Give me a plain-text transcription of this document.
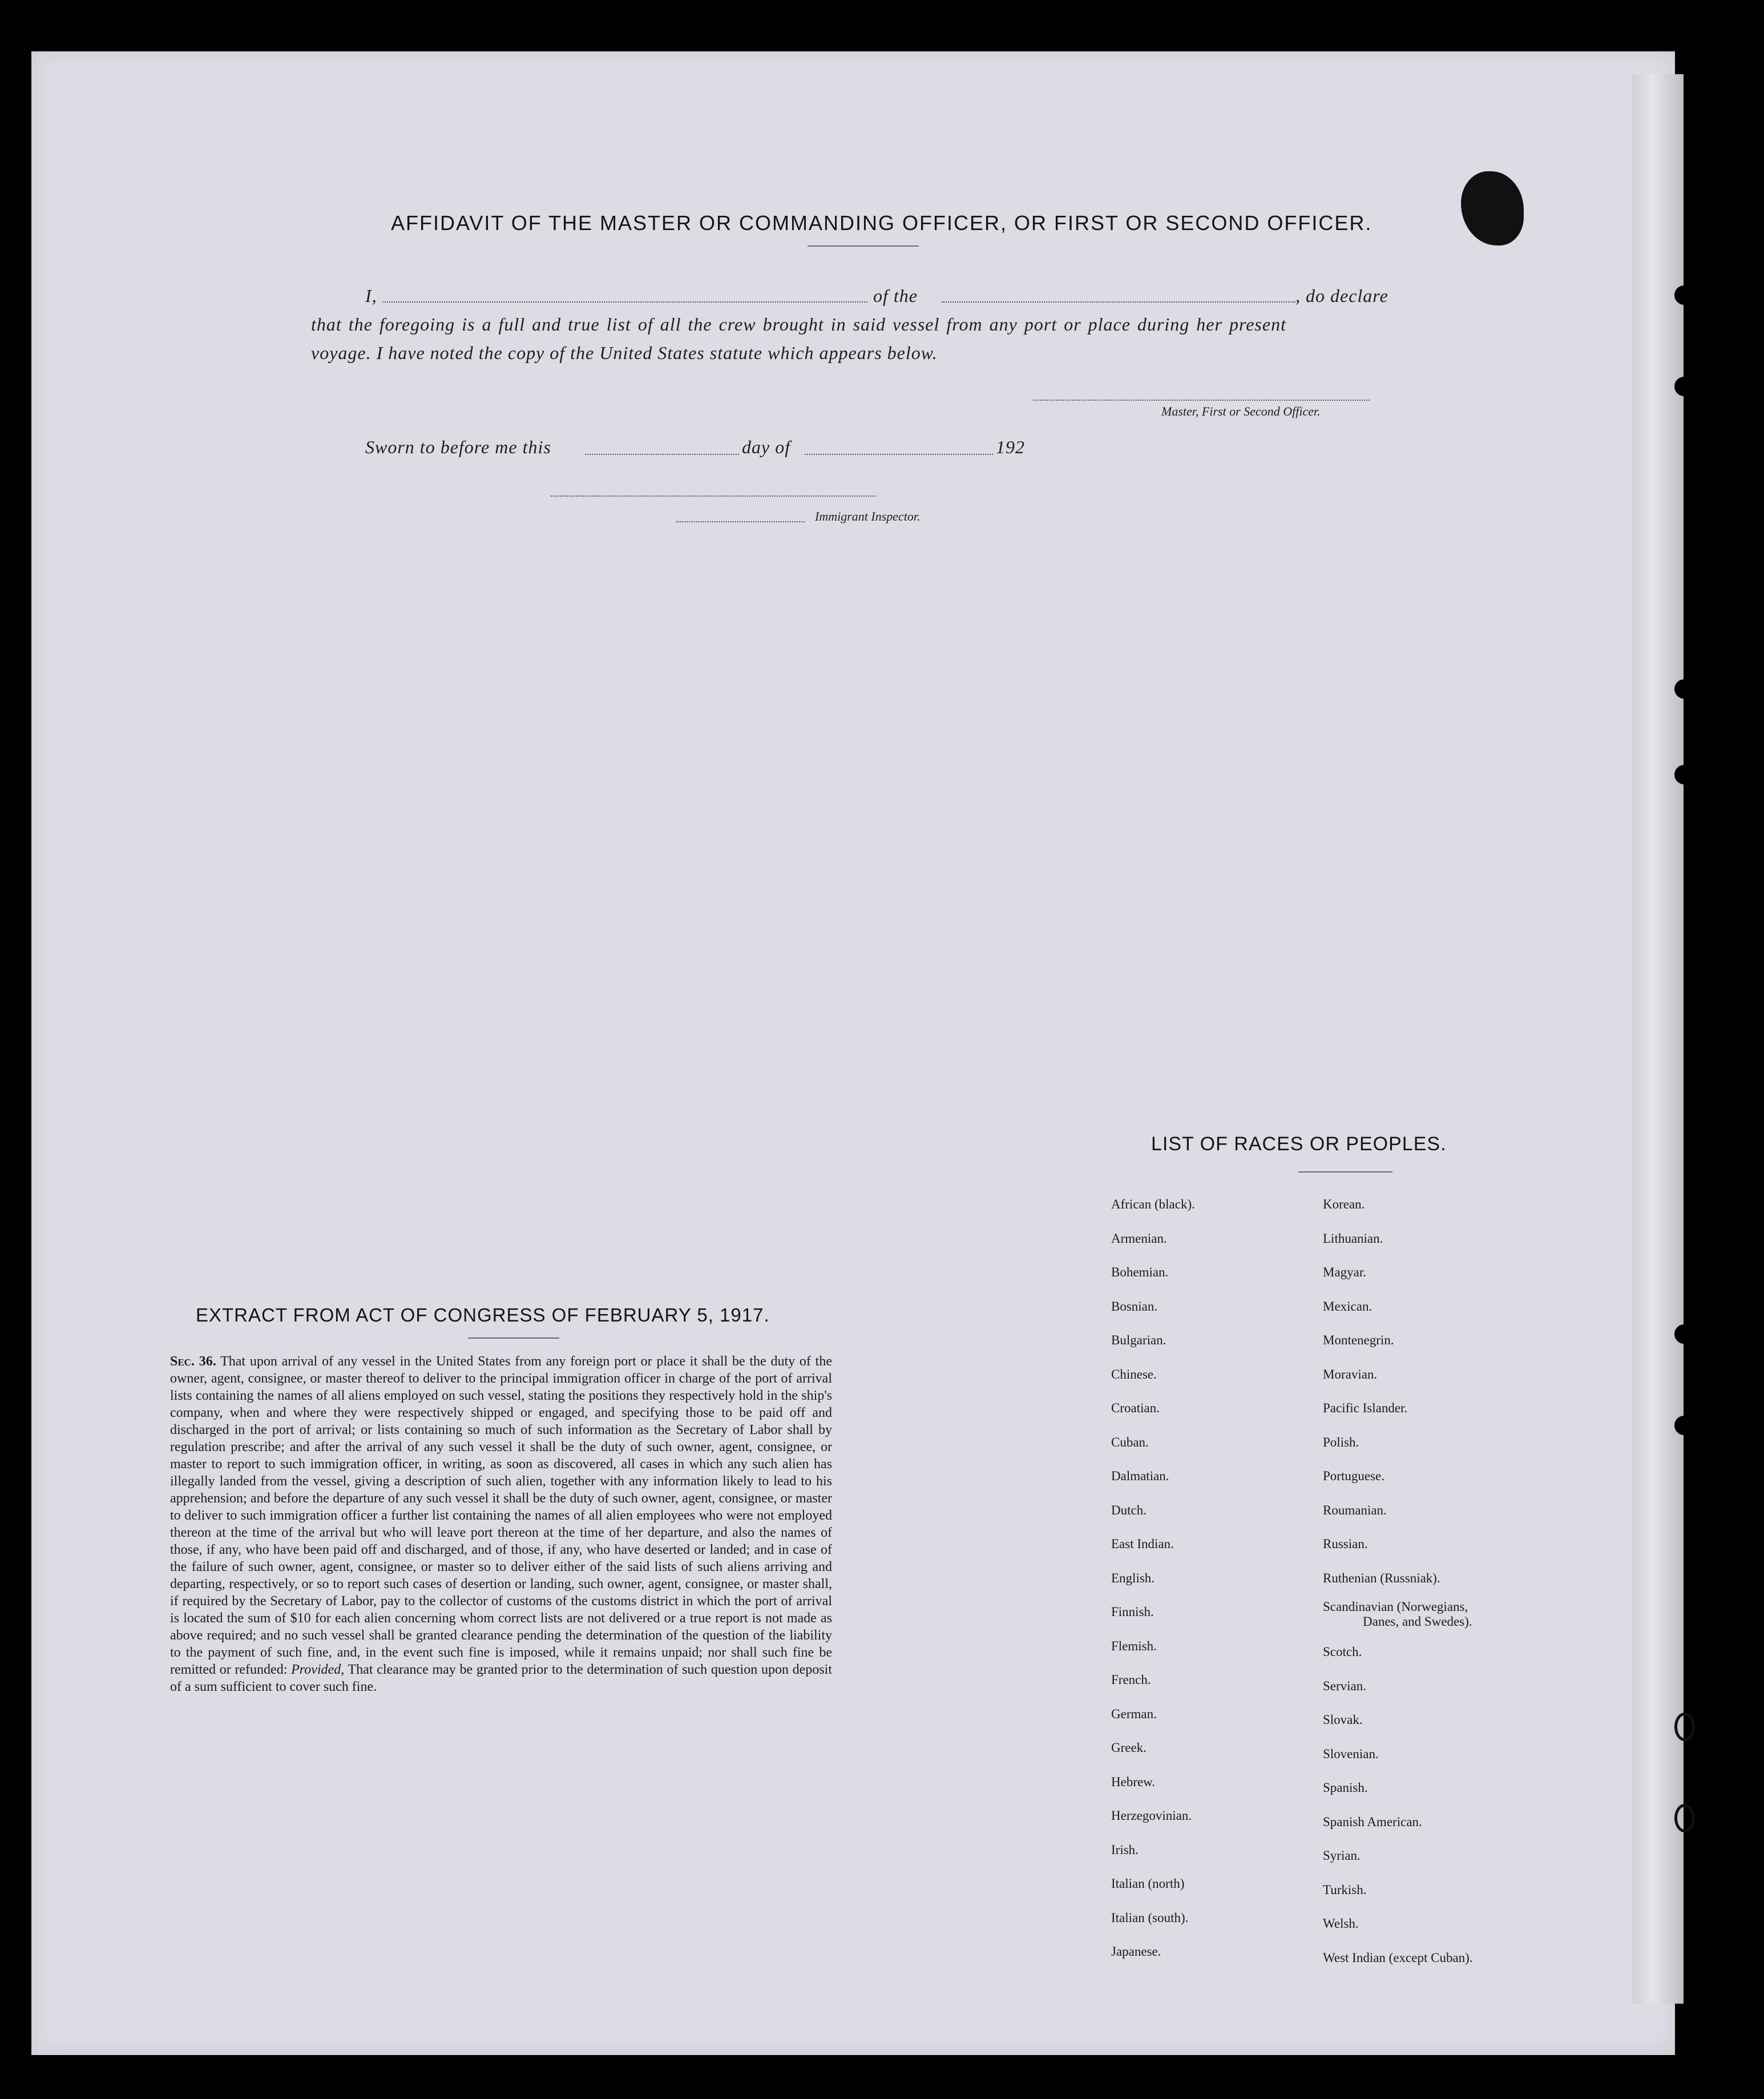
AFFIDAVIT OF THE MASTER OR COMMANDING OFFICER, OR FIRST OR SECOND OFFICER.
I,	of the	, do declare
that the foregoing is a full and true list of all the crew brought in said vessel from any port or place during her present
voyage. I have noted the copy of the United States statute which appears below.
Master, First or Second Officer.
Sworn to before me this	day of	192
Immigrant Inspector.
EXTRACT FROM ACT OF CONGRESS OF FEBRUARY 5, 1917.
Sec. 36. That upon arrival of any vessel in the United States from any foreign port or place it shall be the duty of the owner, agent, consignee, or master thereof to deliver to the principal immigration officer in charge of the port of arrival lists containing the names of all aliens employed on such vessel, stating the positions they respectively hold in the ship's company, when and where they were respectively shipped or engaged, and specifying those to be paid off and discharged in the port of arrival; or lists containing so much of such information as the Secretary of Labor shall by regulation prescribe; and after the arrival of any such vessel it shall be the duty of such owner, agent, consignee, or master to report to such immigration officer, in writing, as soon as discovered, all cases in which any such alien has illegally landed from the vessel, giving a description of such alien, together with any information likely to lead to his apprehension; and before the departure of any such vessel it shall be the duty of such owner, agent, consignee, or master to deliver to such immigration officer a further list containing the names of all alien employees who were not employed thereon at the time of the arrival but who will leave port thereon at the time of her departure, and also the names of those, if any, who have been paid off and discharged, and of those, if any, who have deserted or landed; and in case of the failure of such owner, agent, consignee, or master so to deliver either of the said lists of such aliens arriving and departing, respectively, or so to report such cases of desertion or landing, such owner, agent, consignee, or master shall, if required by the Secretary of Labor, pay to the collector of customs of the customs district in which the port of arrival is located the sum of $10 for each alien concerning whom correct lists are not delivered or a true report is not made as above required; and no such vessel shall be granted clearance pending the determination of the question of the liability to the payment of such fine, and, in the event such fine is imposed, while it remains unpaid; nor shall such fine be remitted or refunded: Provided, That clearance may be granted prior to the determination of such question upon deposit of a sum sufficient to cover such fine.
LIST OF RACES OR PEOPLES.
African (black).
Armenian.
Bohemian.
Bosnian.
Bulgarian.
Chinese.
Croatian.
Cuban.
Dalmatian.
Dutch.
East Indian.
English.
Finnish.
Flemish.
French.
German.
Greek.
Hebrew.
Herzegovinian.
Irish.
Italian (north)
Italian (south).
Japanese.
Korean.
Lithuanian.
Magyar.
Mexican.
Montenegrin.
Moravian.
Pacific Islander.
Polish.
Portuguese.
Roumanian.
Russian.
Ruthenian (Russniak).
Scandinavian (Norwegians,
Danes, and Swedes).
Scotch.
Servian.
Slovak.
Slovenian.
Spanish.
Spanish American.
Syrian.
Turkish.
Welsh.
West Indian (except Cuban).
